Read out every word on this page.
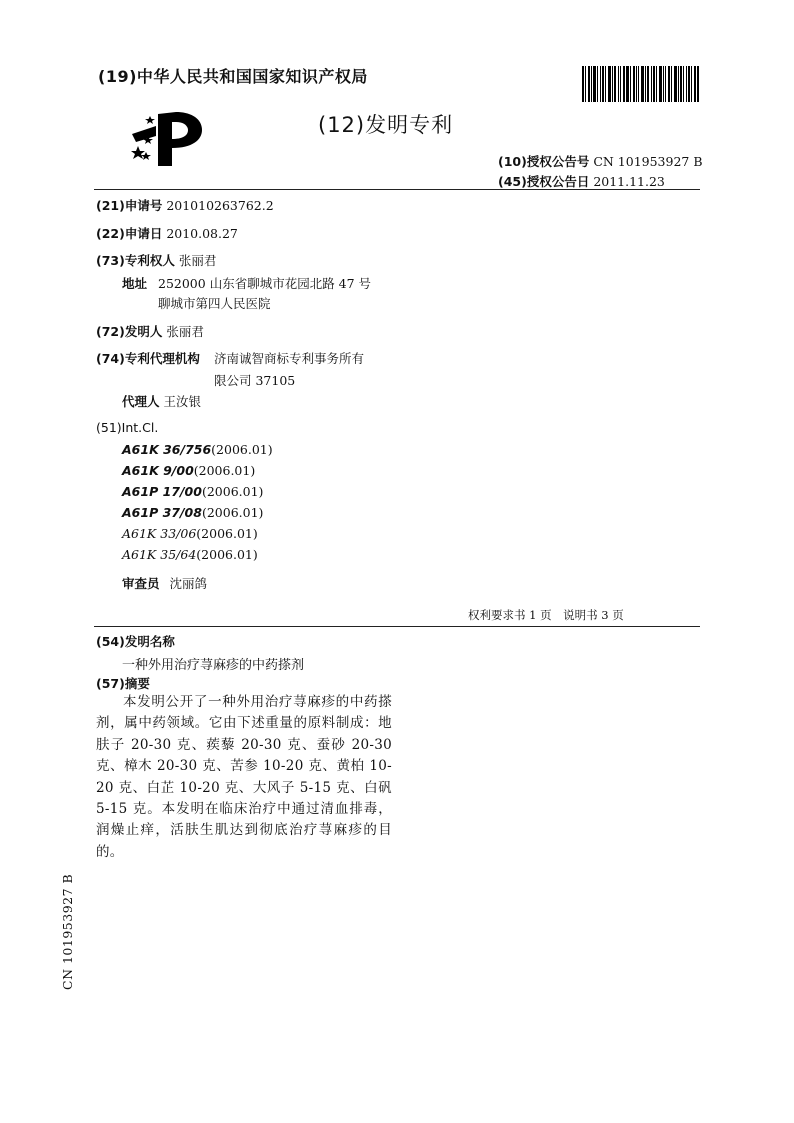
(19)中华人民共和国国家知识产权局
(12)发明专利
(10)授权公告号 CN 101953927 B
(45)授权公告日 2011.11.23
(21)申请号 201010263762.2
(22)申请日 2010.08.27
(73)专利权人 张丽君
地址 252000 山东省聊城市花园北路 47 号
聊城市第四人民医院
(72)发明人 张丽君
(74)专利代理机构 济南诚智商标专利事务所有
限公司 37105
代理人 王汝银
(51)Int.Cl.
A61K 36/756(2006.01)
A61K 9/00(2006.01)
A61P 17/00(2006.01)
A61P 37/08(2006.01)
A61K 33/06(2006.01)
A61K 35/64(2006.01)
审查员 沈丽鸽
权利要求书 1 页　说明书 3 页
(54)发明名称
一种外用治疗荨麻疹的中药搽剂
(57)摘要
本发明公开了一种外用治疗荨麻疹的中药搽剂，属中药领域。它由下述重量的原料制成：地肤子 20-30 克、蒺藜 20-30 克、蚕砂 20-30 克、樟木 20-30 克、苦参 10-20 克、黄柏 10-20 克、白芷 10-20 克、大风子 5-15 克、白矾 5-15 克。本发明在临床治疗中通过清血排毒，润燥止痒，活肤生肌达到彻底治疗荨麻疹的目的。
CN 101953927 B
